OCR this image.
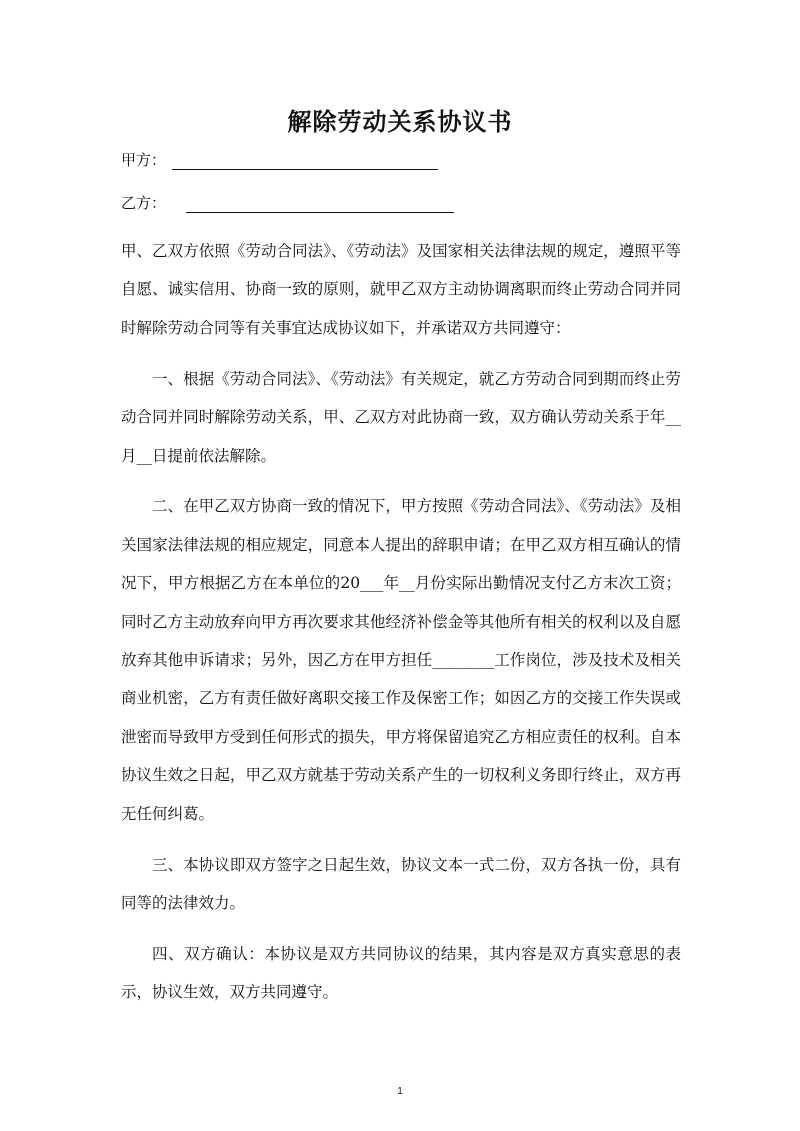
解除劳动关系协议书
甲方：
乙方：

甲、乙双方依照《劳动合同法》、《劳动法》及国家相关法律法规的规定，遵照平等自愿、诚实信用、协商一致的原则，就甲乙双方主动协调离职而终止劳动合同并同时解除劳动合同等有关事宜达成协议如下，并承诺双方共同遵守：

一、根据《劳动合同法》、《劳动法》有关规定，就乙方劳动合同到期而终止劳动合同并同时解除劳动关系，甲、乙双方对此协商一致，双方确认劳动关系于年__月__日提前依法解除。

二、在甲乙双方协商一致的情况下，甲方按照《劳动合同法》、《劳动法》及相关国家法律法规的相应规定，同意本人提出的辞职申请；在甲乙双方相互确认的情况下，甲方根据乙方在本单位的20___年__月份实际出勤情况支付乙方末次工资；同时乙方主动放弃向甲方再次要求其他经济补偿金等其他所有相关的权利以及自愿放弃其他申诉请求；另外，因乙方在甲方担任________工作岗位，涉及技术及相关商业机密，乙方有责任做好离职交接工作及保密工作；如因乙方的交接工作失误或泄密而导致甲方受到任何形式的损失，甲方将保留追究乙方相应责任的权利。自本协议生效之日起，甲乙双方就基于劳动关系产生的一切权利义务即行终止，双方再无任何纠葛。

三、本协议即双方签字之日起生效，协议文本一式二份，双方各执一份，具有同等的法律效力。

四、双方确认：本协议是双方共同协议的结果，其内容是双方真实意思的表示，协议生效，双方共同遵守。

1
